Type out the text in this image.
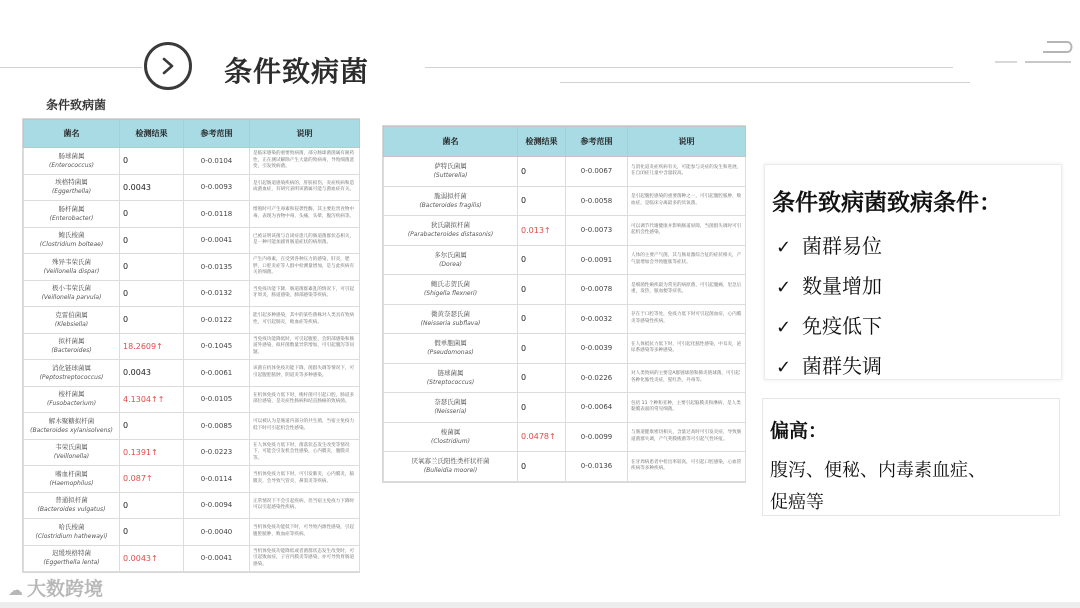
条件致病菌
条件致病菌
菌名	检测结果	参考范围	说明

肠球菌属
(Enterococcus)	0	0-0.0104	是临床感染的重要致病菌，部分肠球菌菌属有耐药性，正在测试解除产生大量的致病毒，导致细菌恶变，引发致病菌。

埃格特菌属
(Eggerthella)	0.0043	0-0.0093	是引起肠道感染疾病的，肝脏损伤，炎症疾病和造成菌血症，有研究表明该菌属可能与菌血症有关。

肠杆菌属
(Enterobacter)	0	0-0.0118	增殖时可产生毒素和侵袭性酶，其主要危害食物中毒，表现为食物中毒，头痛，头晕，腹泻疾病等。

鲍氏梭菌
(Clostridium bolteae)	0	0-0.0041	已被证明该菌与自闭症患儿的肠道菌群状态相关，是一种可能加剧胃肠道症状的病原菌。

殊异韦荣氏菌
(Veillonella dispar)	0	0-0.0135	产生内毒素，在受到各种压力的感染，肝炎，肥胖，口腔炎症等人群中检测量增加，是与此疾病有关的细菌。

极小韦荣氏菌
(Veillonella parvula)	0	0-0.0132	当免疫功能下降，肠道菌群紊乱的情况下，可引起牙周炎，肠道感染，肺部感染等疾病。

克雷伯菌属
(Klebsiella)	0	0-0.0122	能引起多种感染，其中的某些菌株对人类具有致病性，可引起肺炎，败血症等疾病。

拟杆菌属
(Bacteroides)	18.2609↑	0-0.1045	当免疫功能降低时，可引起腹腔，会阴部感染和肠道外感染，拟杆菌数量异常增加，可引起腹泻等问题。

消化链球菌属
(Peptostreptococcus)	0.0043	0-0.0061	该菌在机体免疫功能下降，菌群失调等情况下，可引起腹腔脓肿，阴道炎等多种感染。

梭杆菌属
(Fusobacterium)	4.1304↑↑	0-0.0105	在机体免疫力低下时，梭杆菌可引起口腔，肠道多部位感染，是炎症性肠病和结直肠癌的致病菌。

解木聚糖拟杆菌
(Bacteroides xylanisolvens)	0	0-0.0085	可以被认为是肠道内部分的共生菌，当宿主免疫力低下时可引起机会性感染。

韦荣氏菌属
(Veillonella)	0.1391↑	0-0.0223	在人体免疫力低下时，菌落状态发生改变等情况下，可能会引发机会性感染，心内膜炎，腹膜炎等。

嗜血杆菌属
(Haemophilus)	0.087↑	0-0.0114	当机体免疫力低下时，可引发肺炎，心内膜炎，脑膜炎，会导致气管炎，鼻窦炎等疾病。

普通拟杆菌
(Bacteroides vulgatus)	0	0-0.0094	正常情况下不会引起疾病，但当宿主免疫力下降时可以引起感染性疾病。

哈氏梭菌
(Clostridium hathewayi)	0	0-0.0040	当机体免疫功能低下时，可导致内源性感染，引起腹腔脓肿，败血症等疾病。

迟缓埃格特菌
(Eggerthella lenta)	0.0043↑	0-0.0041	当机体免疫功能降低或者菌群状态发生改变时，可引起败血症，子宫内膜炎等感染，亦可导致胃肠道感染。
菌名	检测结果	参考范围	说明

萨特氏菌属
(Sutterella)	0	0-0.0067	与消化道炎症疾病有关，可能参与炎症的发生和进展，在自闭症儿童中含量较高。

脆弱拟杆菌
(Bacteroides fragilis)	0	0-0.0058	是引起腹腔感染的重要菌种之一，可引起腹腔脓肿，败血症，是临床分离最多的厌氧菌。

狄氏副拟杆菌
(Parabacteroides distasonis)	0.013↑	0-0.0073	可以调节代谢健康并影响肠道屏障，当菌群失调时可引起机会性感染。

多尔氏菌属
(Dorea)	0	0-0.0091	人体的主要产气菌，其与肠易激综合征的症状相关，产气量增加会导致腹胀等症状。

鲍氏志贺氏菌
(Shigella flexneri)	0	0-0.0078	是细菌性痢疾最为常见的病原菌，可引起腹痛，里急后重，发热，脓血便等症状。

微黄奈瑟氏菌
(Neisseria subflava)	0	0-0.0032	存在于口腔等处，免疫力低下时可引起菌血症，心内膜炎等感染性疾病。

假单胞菌属
(Pseudomonas)	0	0-0.0039	在人体抵抗力低下时，可引起化脓性感染，中耳炎，泌尿系感染等多种感染。

链球菌属
(Streptococcus)	0	0-0.0226	对人类致病的主要是A群链球菌和肺炎链球菌，可引起各种化脓性炎症，猩红热，丹毒等。

奈瑟氏菌属
(Neisseria)	0	0-0.0064	包括 11 个种和亚种，主要引起脑膜炎和淋病，是人类黏膜表面的常见细菌。

梭菌属
(Clostridium)	0.0478↑	0-0.0099	与肠道健康密切相关，含量过高时可引发炎症，导致肠道菌群失调，产气荚膜梭菌等可引起气性坏疽。

厌氧寡兰氏阳性类杆状杆菌
(Bulleidia moorei)	0	0-0.0136	在牙周病患者中检出率较高，可引起口腔感染，心血管疾病等多种疾病。
条件致病菌致病条件：
✓ 菌群易位
✓ 数量增加
✓ 免疫低下
✓ 菌群失调
偏高：
腹泻、便秘、内毒素血症、
促癌等
☁ 大数跨境
